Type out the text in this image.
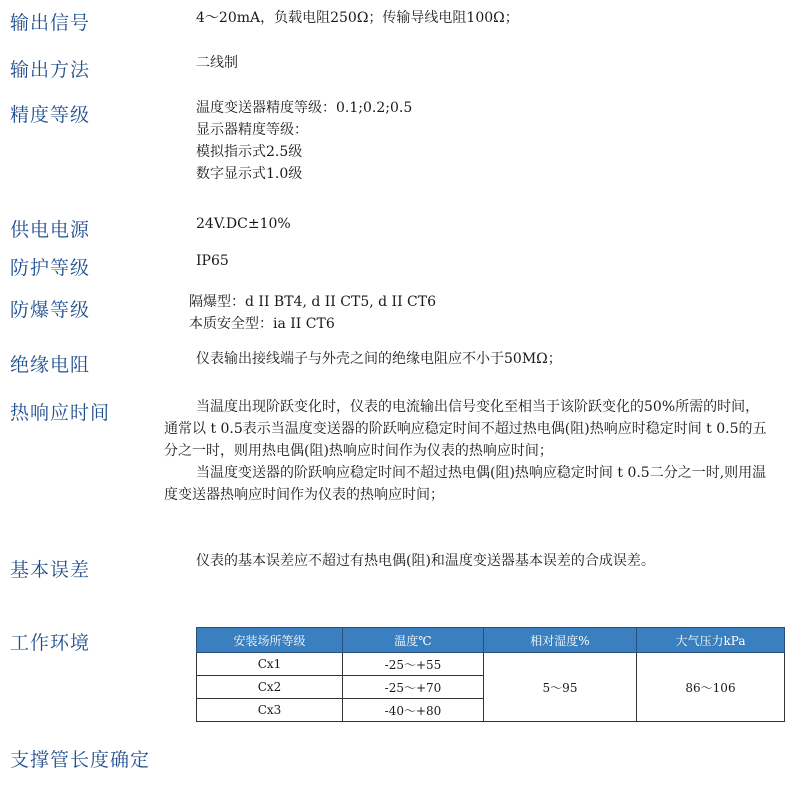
输出信号	4～20mA，负载电阻250Ω；传输导线电阻100Ω；
输出方法	二线制
精度等级	温度变送器精度等级：0.1;0.2;0.5
显示器精度等级：
模拟指示式2.5级
数字显示式1.0级
供电电源	24V.DC±10%
防护等级	IP65
防爆等级	隔爆型：d II BT4, d II CT5, d II CT6
本质安全型：ia II CT6
绝缘电阻	仪表输出接线端子与外壳之间的绝缘电阻应不小于50MΩ；
热响应时间	当温度出现阶跃变化时，仪表的电流输出信号变化至相当于该阶跃变化的50%所需的时间，通常以 t 0.5表示当温度变送器的阶跃响应稳定时间不超过热电偶(阻)热响应时稳定时间 t 0.5的五分之一时，则用热电偶(阻)热响应时间作为仪表的热响应时间；

当温度变送器的阶跃响应稳定时间不超过热电偶(阻)热响应稳定时间 t 0.5二分之一时,则用温度变送器热响应时间作为仪表的热响应时间；

基本误差	仪表的基本误差应不超过有热电偶(阻)和温度变送器基本误差的合成误差。
工作环境	安装场所等级	温度℃	相对湿度%	大气压力kPa
Cx1	-25～+55	5～95	86～106
Cx2	-25～+70		
Cx3	-40～+80		
支撑管长度确定
